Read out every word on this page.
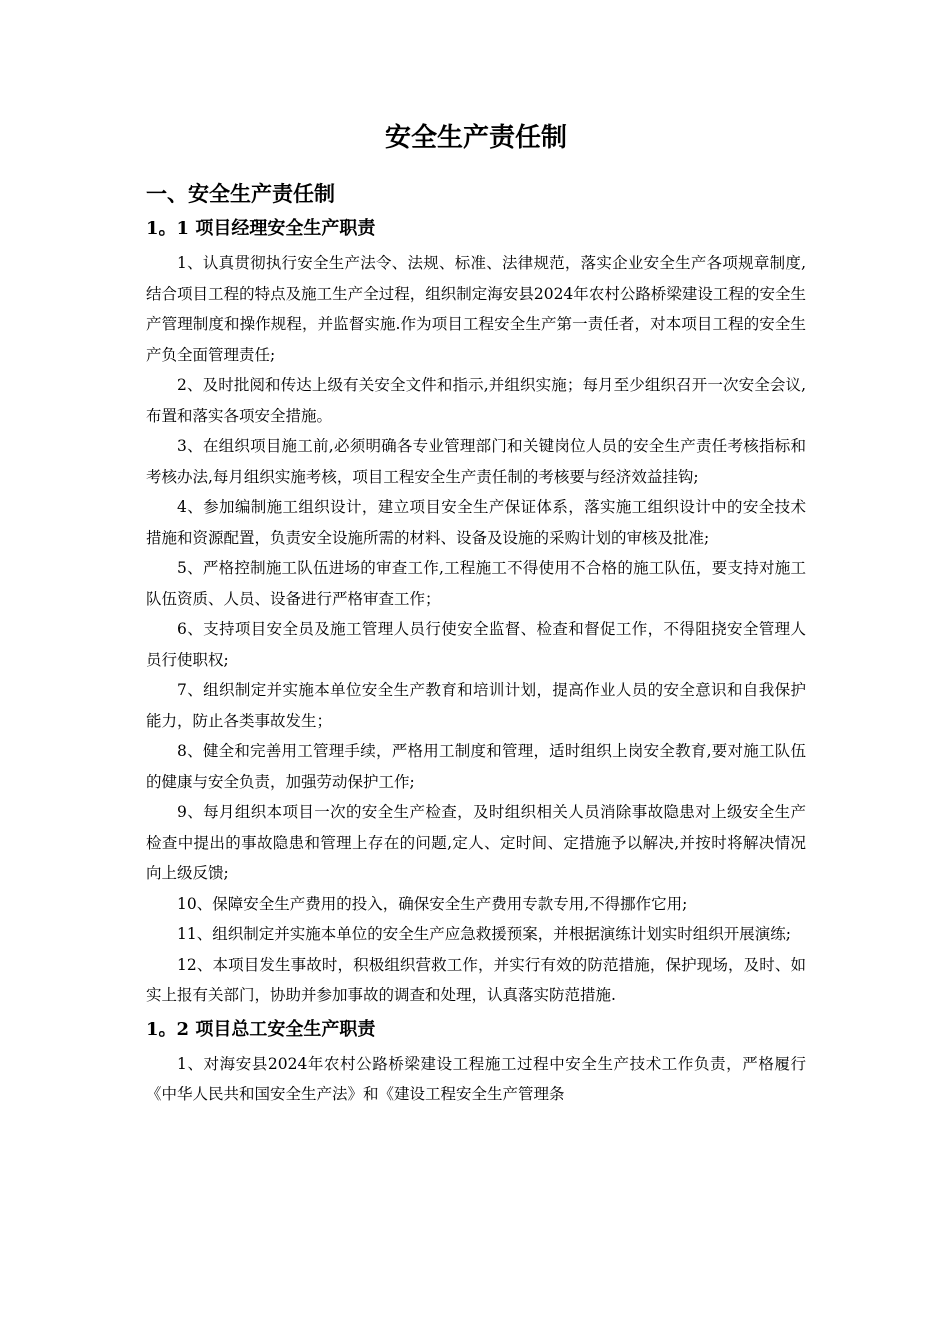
安全生产责任制
一、安全生产责任制
1。1 项目经理安全生产职责

1、认真贯彻执行安全生产法令、法规、标准、法律规范，落实企业安全生产各项规章制度,结合项目工程的特点及施工生产全过程，组织制定海安县2024年农村公路桥梁建设工程的安全生产管理制度和操作规程，并监督实施.作为项目工程安全生产第一责任者，对本项目工程的安全生产负全面管理责任;

2、及时批阅和传达上级有关安全文件和指示,并组织实施；每月至少组织召开一次安全会议,布置和落实各项安全措施。

3、在组织项目施工前,必须明确各专业管理部门和关键岗位人员的安全生产责任考核指标和考核办法,每月组织实施考核，项目工程安全生产责任制的考核要与经济效益挂钩;

4、参加编制施工组织设计，建立项目安全生产保证体系，落实施工组织设计中的安全技术措施和资源配置，负责安全设施所需的材料、设备及设施的采购计划的审核及批准;

5、严格控制施工队伍进场的审查工作,工程施工不得使用不合格的施工队伍，要支持对施工队伍资质、人员、设备进行严格审查工作；

6、支持项目安全员及施工管理人员行使安全监督、检查和督促工作，不得阻挠安全管理人员行使职权;

7、组织制定并实施本单位安全生产教育和培训计划，提高作业人员的安全意识和自我保护能力，防止各类事故发生；

8、健全和完善用工管理手续，严格用工制度和管理，适时组织上岗安全教育,要对施工队伍的健康与安全负责，加强劳动保护工作;

9、每月组织本项目一次的安全生产检查，及时组织相关人员消除事故隐患对上级安全生产检查中提出的事故隐患和管理上存在的问题,定人、定时间、定措施予以解决,并按时将解决情况向上级反馈;

10、保障安全生产费用的投入，确保安全生产费用专款专用,不得挪作它用;

11、组织制定并实施本单位的安全生产应急救援预案，并根据演练计划实时组织开展演练;

12、本项目发生事故时，积极组织营救工作，并实行有效的防范措施，保护现场，及时、如实上报有关部门，协助并参加事故的调查和处理，认真落实防范措施.

1。2 项目总工安全生产职责

1、对海安县2024年农村公路桥梁建设工程施工过程中安全生产技术工作负责，严格履行《中华人民共和国安全生产法》和《建设工程安全生产管理条
